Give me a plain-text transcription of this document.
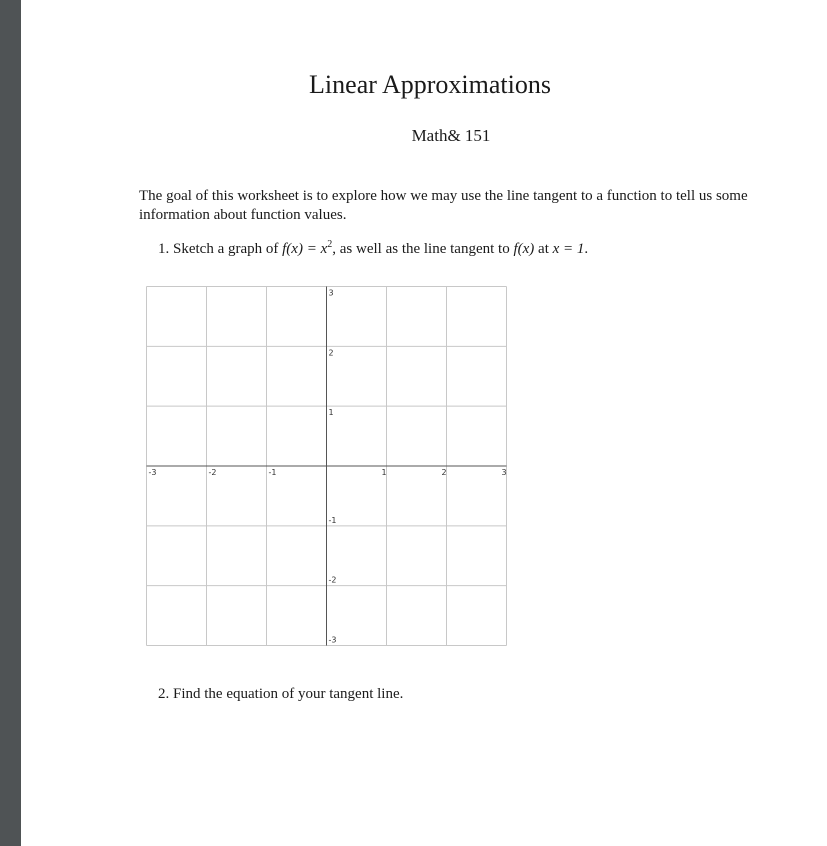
Linear Approximations
Math& 151
The goal of this worksheet is to explore how we may use the line tangent to a function to tell us some information about function values.
1. Sketch a graph of $f(x) = x^2$, as well as the line tangent to f(x) at x = 1.
-3	-2	-1	1	2	3
3
2
1
-1
-2
-3
2. Find the equation of your tangent line.
